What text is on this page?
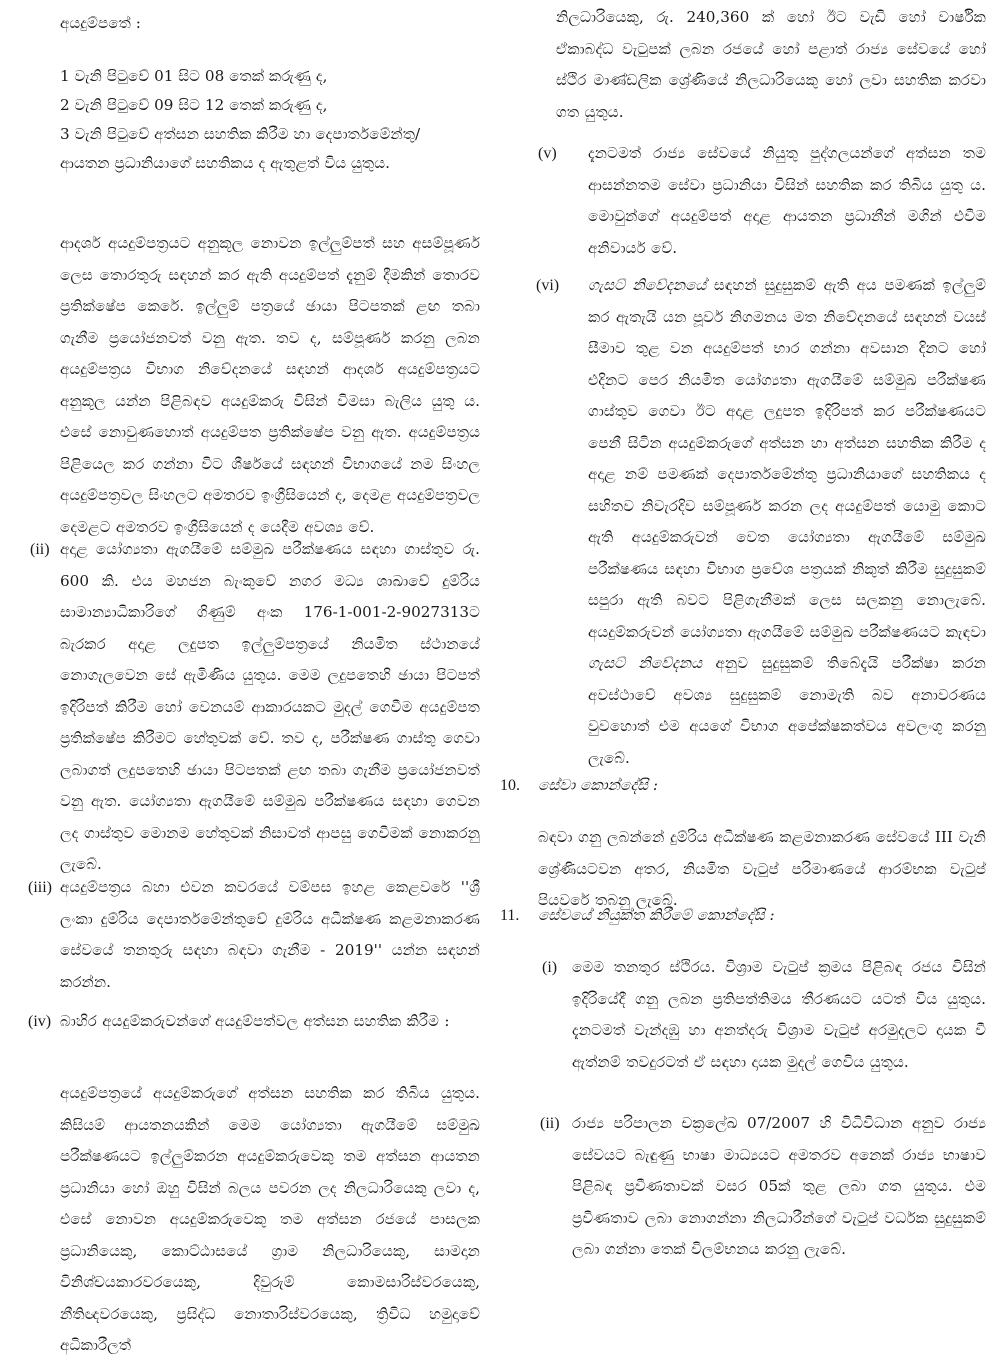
අයදුම්පතේ :
1 වැනි පිටුවේ 01 සිට 08 තෙක් කරුණු ද,
2 වැනි පිටුවේ 09 සිට 12 තෙක් කරුණු ද,
3 වැනි පිටුවේ අත්සන සහතික කිරීම හා දෙපාර්තමේන්තු/
ආයතන ප්‍රධානියාගේ සහතිකය ද ඇතුළත් විය යුතුය.
ආදර්ශ අයදුම්පත්‍රයට අනුකූල නොවන ඉල්ලුම්පත් සහ අසම්පූර්ණ ලෙස තොරතුරු සඳහන් කර ඇති අයදුම්පත් දැනුම් දීමකින් තොරව ප්‍රතික්ෂේප කෙරේ. ඉල්ලුම් පත්‍රයේ ඡායා පිටපතක් ළඟ තබා ගැනීම ප්‍රයෝජනවත් වනු ඇත. තව ද, සම්පූර්ණ කරනු ලබන අයදුම්පත්‍රය විභාග නිවේදනයේ සඳහන් ආදර්ශ අයදුම්පත්‍රයට අනුකූල යන්න පිළිබඳව අයදුම්කරු විසින් විමසා බැලිය යුතු ය. එසේ නොවුණහොත් අයදුම්පත ප්‍රතික්ෂේප වනු ඇත. අයදුම්පත්‍රය පිළියෙල කර ගන්නා විට ශීර්ෂයේ සඳහන් විභාගයේ නම සිංහල අයදුම්පත්‍රවල සිංහලට අමතරව ඉංග්‍රීසියෙන් ද, දෙමළ අයදුම්පත්‍රවල දෙමළට අමතරව ඉංග්‍රීසියෙන් ද යෙදීම අවශ්‍ය වේ.
(ii) අදාළ යෝග්‍යතා ඇගයීමේ සම්මුඛ පරීක්ෂණය සඳහා ගාස්තුව රු. 600 කි. එය මහජන බැංකුවේ නගර මධ්‍ය ශාඛාවේ දුම්රිය සාමාන්‍යාධිකාරිගේ ගිණුම් අංක 176-1-001-2-9027313ට බැරකර අදාළ ලදුපත ඉල්ලුම්පත්‍රයේ නියමිත ස්ථානයේ නොගැලවෙන සේ ඇමිණිය යුතුය. මෙම ලදුපතෙහි ඡායා පිටපත් ඉදිරිපත් කිරීම හෝ වෙනයම් ආකාරයකට මුදල් ගෙවීම අයදුම්පත ප්‍රතික්ෂේප කිරීමට හේතුවක් වේ. තව ද, පරීක්ෂණ ගාස්තු ගෙවා ලබාගත් ලදුපතෙහි ඡායා පිටපතක් ළඟ තබා ගැනීම ප්‍රයෝජනවත් වනු ඇත. යෝග්‍යතා ඇගයීමේ සම්මුඛ පරීක්ෂණය සඳහා ගෙවන ලද ගාස්තුව මොනම හේතුවක් නිසාවත් ආපසු ගෙවීමක් නොකරනු ලැබේ.
(iii) අයදුම්පත්‍රය බහා එවන කවරයේ වම්පස ඉහළ කෙළවරේ ''ශ්‍රී ලංකා දුම්රිය දෙපාර්තමේන්තුවේ දුම්රිය අධීක්ෂණ කළමනාකරණ සේවයේ තනතුරු සඳහා බඳවා ගැනීම - 2019'' යන්න සඳහන් කරන්න.
(iv) බාහිර අයදුම්කරුවන්ගේ අයදුම්පත්වල අත්සන සහතික කිරීම :
අයදුම්පත්‍රයේ අයදුම්කරුගේ අත්සන සහතික කර තිබිය යුතුය. කිසියම් ආයතනයකින් මෙම යෝග්‍යතා ඇගයීමේ සම්මුඛ පරීක්ෂණයට ඉල්ලුම්කරන අයදුම්කරුවෙකු තම අත්සන ආයතන ප්‍රධානියා හෝ ඔහු විසින් බලය පවරන ලද නිලධාරියෙකු ලවා ද, එසේ නොවන අයදුම්කරුවෙකු තම අත්සන රජයේ පාසලක ප්‍රධානියෙකු, කොට්ඨාසයේ ග්‍රාම නිලධාරියෙකු, සාමදාන විනිශ්චයකාරවරයෙකු, දිවුරුම් කොමසාරිස්වරයෙකු, නීතිඥවරයෙකු, ප්‍රසිද්ධ නොතාරිස්වරයෙකු, ත්‍රිවිධ හමුදාවේ අධිකාරීලත්
නිලධාරියෙකු, රු. 240,360 ක් හෝ ඊට වැඩි හෝ වාර්ෂික ඒකාබද්ධ වැටුපක් ලබන රජයේ හෝ පළාත් රාජ්‍ය සේවයේ හෝ ස්ථිර මාණ්ඩලික ශ්‍රේණියේ නිලධාරියෙකු හෝ ලවා සහතික කරවා ගත යුතුය.
(v) දැනටමත් රාජ්‍ය සේවයේ නියුතු පුද්ගලයන්ගේ අත්සන තම ආසන්නතම සේවා ප්‍රධානියා විසින් සහතික කර තිබිය යුතු ය. මොවුන්ගේ අයදුම්පත් අදාළ ආයතන ප්‍රධානීන් මගින් එවීම අනිවාර්ය වේ.
(vi) ගැසට් නිවේදනයේ සඳහන් සුදුසුකම් ඇති අය පමණක් ඉල්ලුම් කර ඇතැයි යන පූර්ව නිගමනය මත නිවේදනයේ සඳහන් වයස් සීමාව තුළ වන අයදුම්පත් භාර ගන්නා අවසාන දිනට හෝ එදිනට පෙර නියමිත යෝග්‍යතා ඇගයීමේ සම්මුඛ පරීක්ෂණ ගාස්තුව ගෙවා ඊට අදාළ ලදුපත ඉදිරිපත් කර පරීක්ෂණයට පෙනී සිටින අයදුම්කරුගේ අත්සන හා අත්සන සහතික කිරීම ද අදාළ නම් පමණක් දෙපාර්තමේන්තු ප්‍රධානියාගේ සහතිකය ද සහිතව නිවැරදිව සම්පූර්ණ කරන ලද අයදුම්පත් යොමු කොට ඇති අයදුම්කරුවන් වෙත යෝග්‍යතා ඇගයීමේ සම්මුඛ පරීක්ෂණය සඳහා විභාග ප්‍රවේශ පත්‍රයක් නිකුත් කිරීම සුදුසුකම් සපුරා ඇති බවට පිළිගැනීමක් ලෙස සලකනු නොලැබේ. අයදුම්කරුවන් යෝග්‍යතා ඇගයීමේ සම්මුඛ පරීක්ෂණයට කැඳවා ගැසට් නිවේදනය අනුව සුදුසුකම් තිබේදැයි පරීක්ෂා කරන අවස්ථාවේ අවශ්‍ය සුදුසුකම් නොමැති බව අනාවරණය වුවහොත් එම අයගේ විභාග අපේක්ෂකත්වය අවලංගු කරනු ලැබේ.
10. සේවා කොන්දේසි :
බඳවා ගනු ලබන්නේ දුම්රිය අධීක්ෂණ කළමනාකරණ සේවයේ III වැනි ශ්‍රේණියටවන අතර, නියමිත වැටුප් පරිමාණයේ ආරම්භක වැටුප් පියවරේ තබනු ලැබේ.
11. සේවයේ නියුක්ත කිරීමේ කොන්දේසි :
(i) මෙම තනතුර ස්ථිරය. විශ්‍රාම වැටුප් ක්‍රමය පිළිබඳ රජය විසින් ඉදිරියේදී ගනු ලබන ප්‍රතිපත්තිමය තීරණයට යටත් විය යුතුය. දැනටමත් වැන්දඹු හා අනත්දරු විශ්‍රාම වැටුප් අරමුදලට දායක වී ඇත්නම් තවදුරටත් ඒ සඳහා දායක මුදල් ගෙවිය යුතුය.
(ii) රාජ්‍ය පරිපාලන චක්‍රලේඛ 07/2007 හි විධිවිධාන අනුව රාජ්‍ය සේවයට බැඳුණු භාෂා මාධ්‍යයට අමතරව අනෙක් රාජ්‍ය භාෂාව පිළිබඳ ප්‍රවීණතාවක් වසර 05ක් තුළ ලබා ගත යුතුය. එම ප්‍රවීණතාව ලබා නොගන්නා නිලධාරීන්ගේ වැටුප් වර්ධක සුදුසුකම් ලබා ගන්නා තෙක් විලම්භනය කරනු ලැබේ.
